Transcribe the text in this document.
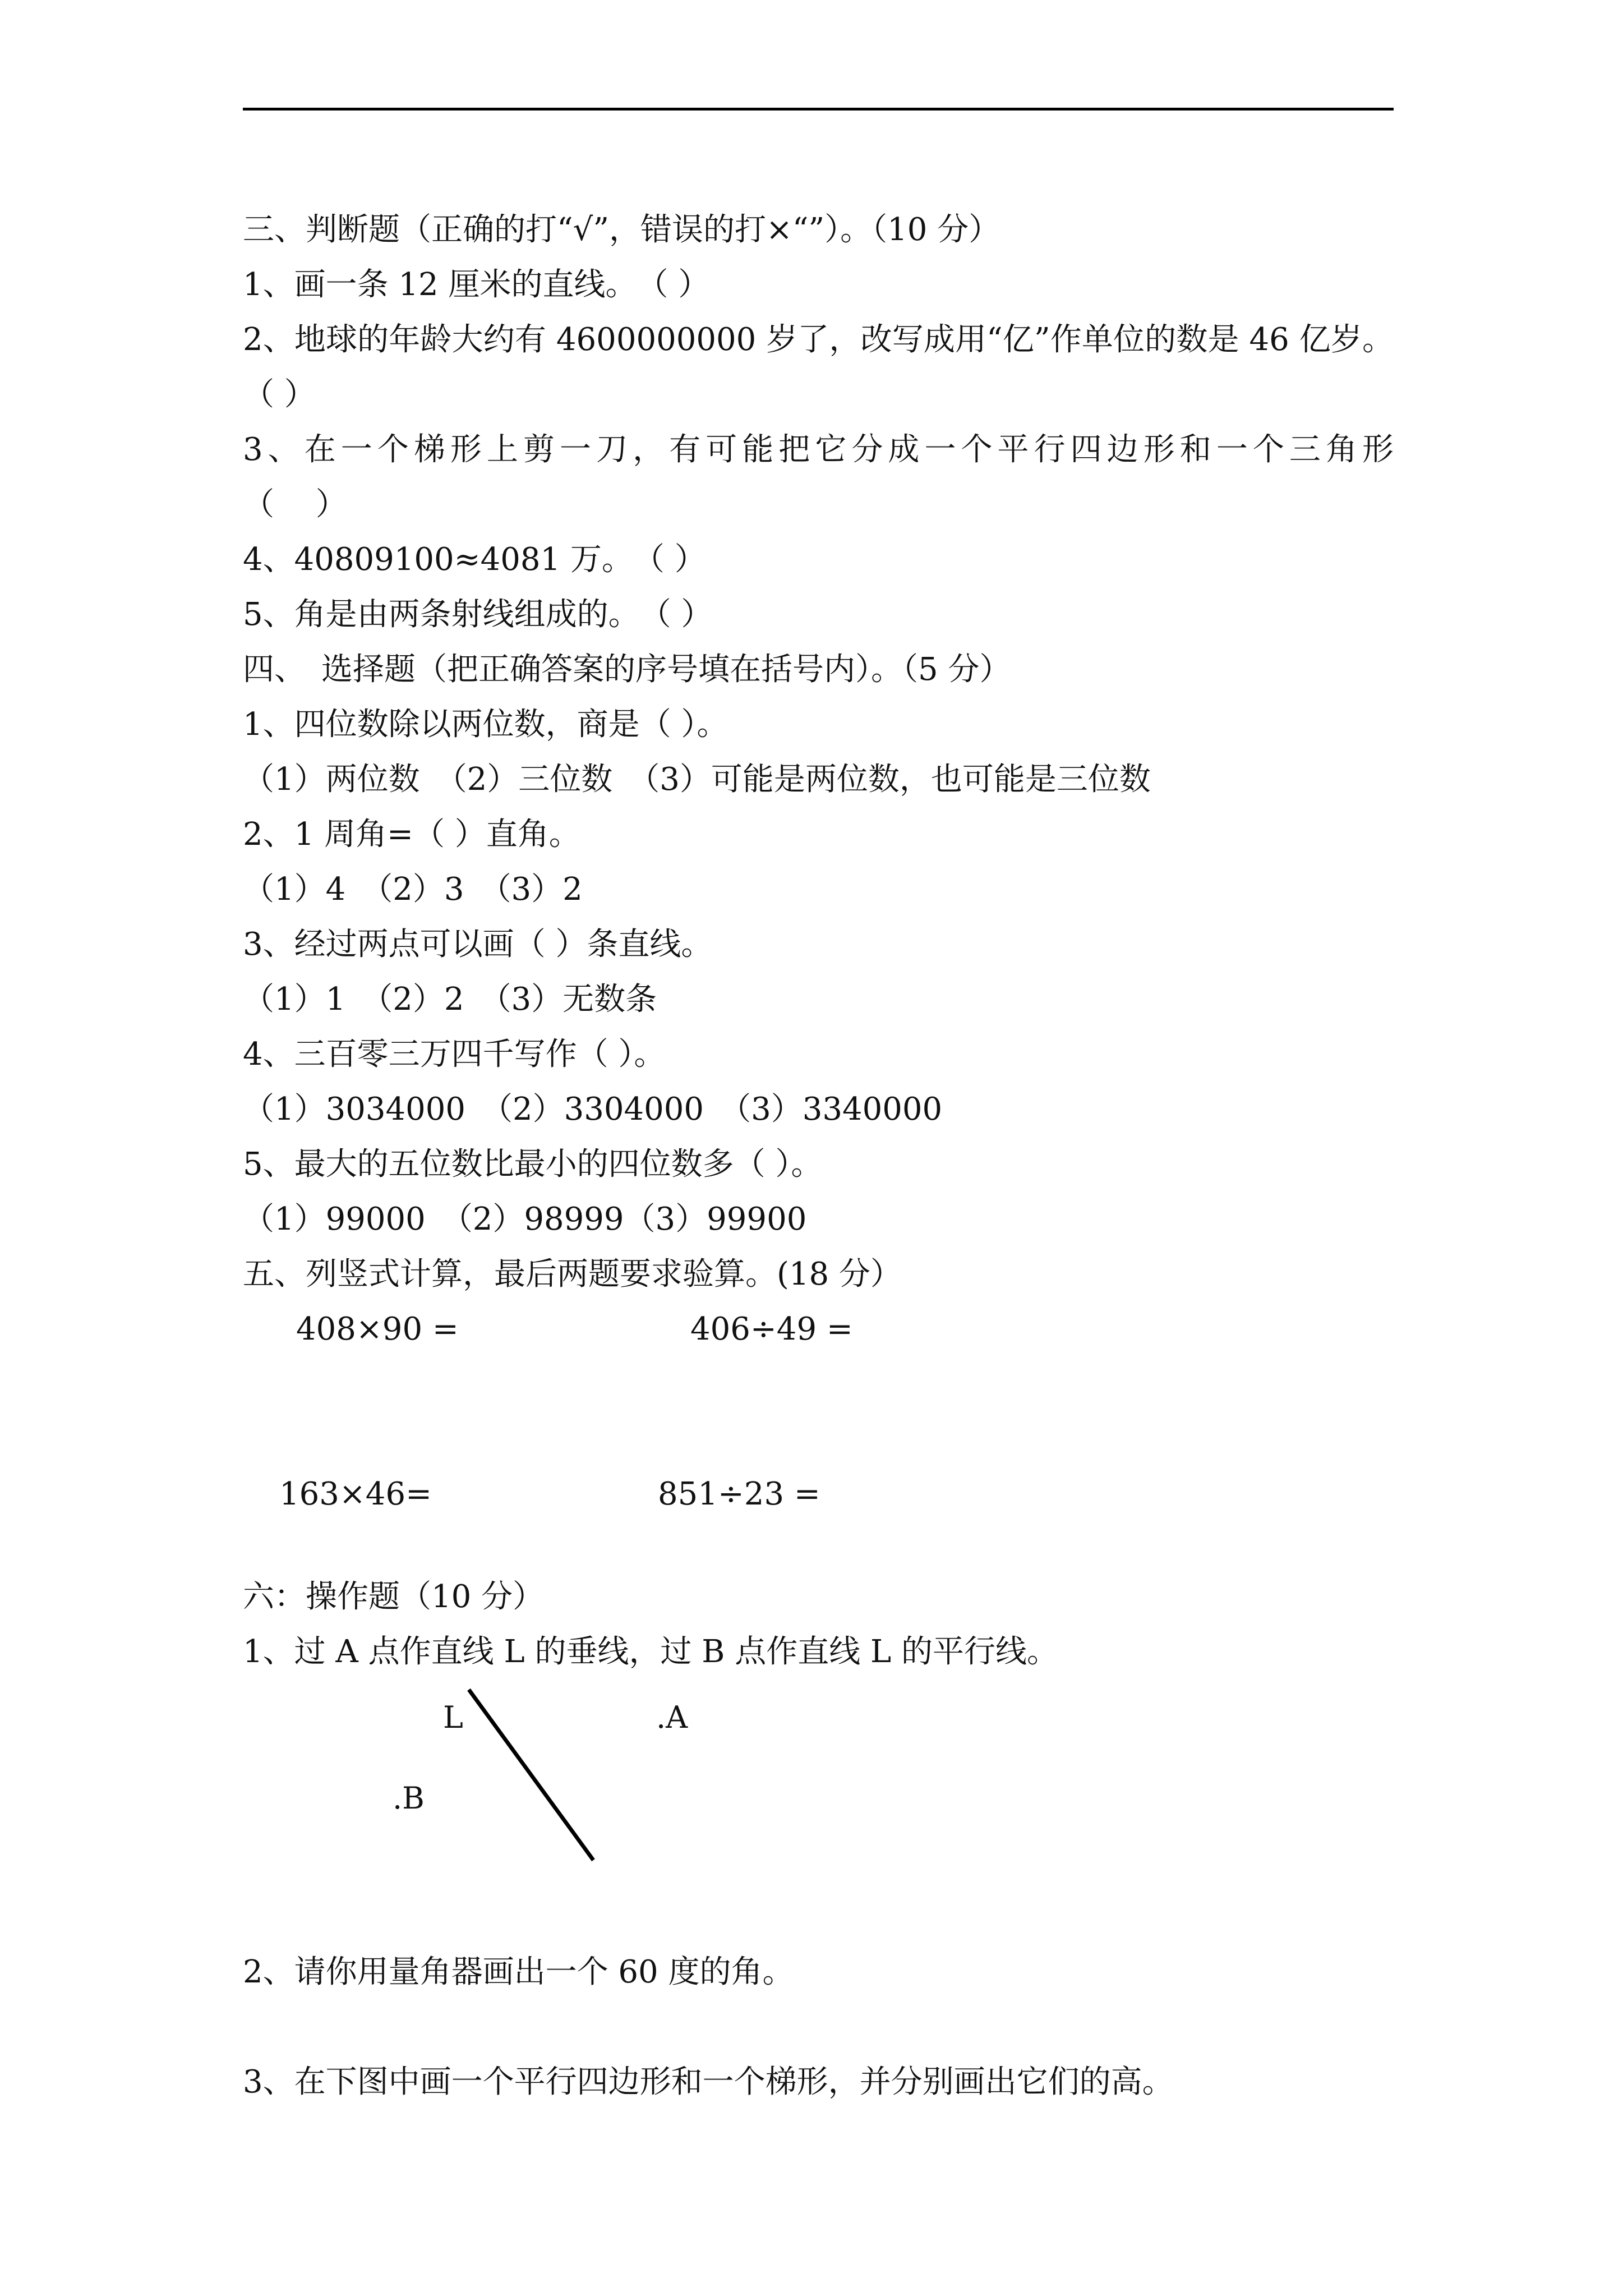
三、判断题（正确的打“√”，错误的打×“”）。（10 分）
1、画一条 12 厘米的直线。　（ ）
2、地球的年龄大约有 4600000000 岁了，改写成用“亿”作单位的数是 46 亿岁。
（ ）
3、在一个梯形上剪一刀，有可能把它分成一个平行四边形和一个三角形
（　 ）
4、40809100≈4081 万。　（ ）
5、角是由两条射线组成的。　（ ）
四、　选择题（把正确答案的序号填在括号内）。（5 分）
1、四位数除以两位数，商是（ ）。
（1）两位数　（2）三位数　（3）可能是两位数，也可能是三位数
2、1 周角=（ ）直角。
（1）4　（2）3　（3）2
3、经过两点可以画（ ）条直线。
（1）1　（2）2　（3）无数条
4、三百零三万四千写作（ ）。
（1）3034000　（2）3304000　（3）3340000
5、最大的五位数比最小的四位数多（ ）。
（1）99000　（2）98999（3）99900
五、列竖式计算，最后两题要求验算。(18 分）
408×90 =	406÷49 =
163×46=	851÷23 =
六：操作题（10 分）
1、过 A 点作直线 L 的垂线，过 B 点作直线 L 的平行线。
L	.A
.B
2、请你用量角器画出一个 60 度的角。
3、在下图中画一个平行四边形和一个梯形，并分别画出它们的高。
